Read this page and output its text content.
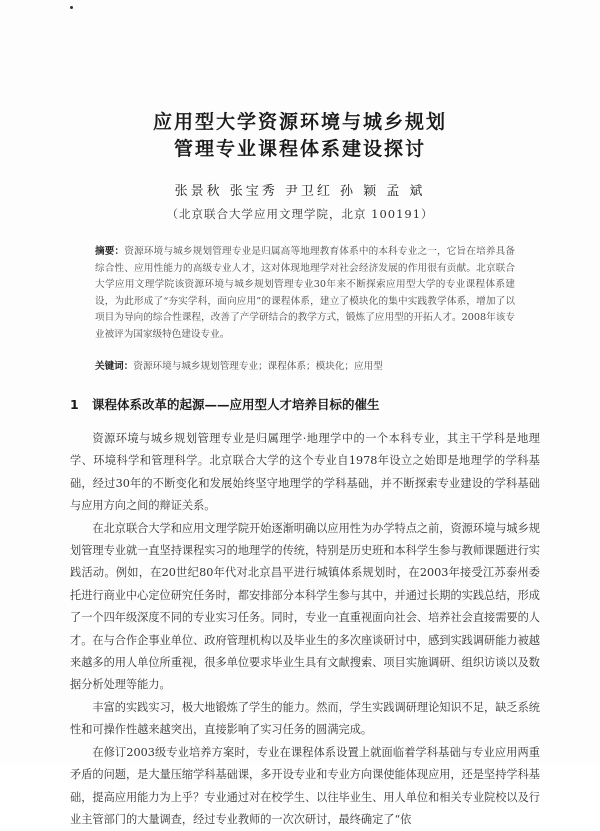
应用型大学资源环境与城乡规划
管理专业课程体系建设探讨
张景秋 张宝秀 尹卫红 孙 颖 孟 斌
（北京联合大学应用文理学院，北京 100191）
摘要：资源环境与城乡规划管理专业是归属高等地理教育体系中的本科专业之一，它旨在培养具备综合性、应用性能力的高级专业人才，这对体现地理学对社会经济发展的作用很有贡献。北京联合大学应用文理学院该资源环境与城乡规划管理专业30年来不断探索应用型大学的专业课程体系建设，为此形成了“夯实学科，面向应用”的课程体系，建立了模块化的集中实践教学体系，增加了以项目为导向的综合性课程，改善了产学研结合的教学方式，锻炼了应用型的开拓人才。2008年该专业被评为国家级特色建设专业。
关键词：资源环境与城乡规划管理专业；课程体系；模块化；应用型
1 课程体系改革的起源——应用型人才培养目标的催生

资源环境与城乡规划管理专业是归属理学·地理学中的一个本科专业，其主干学科是地理学、环境科学和管理科学。北京联合大学的这个专业自1978年设立之始即是地理学的学科基础，经过30年的不断变化和发展始终坚守地理学的学科基础，并不断探索专业建设的学科基础与应用方向之间的辩证关系。

在北京联合大学和应用文理学院开始逐渐明确以应用性为办学特点之前，资源环境与城乡规划管理专业就一直坚持课程实习的地理学的传统，特别是历史班和本科学生参与教师课题进行实践活动。例如，在20世纪80年代对北京昌平进行城镇体系规划时，在2003年接受江苏泰州委托进行商业中心定位研究任务时，都安排部分本科学生参与其中，并通过长期的实践总结，形成了一个四年级深度不同的专业实习任务。同时，专业一直重视面向社会、培养社会直接需要的人才。在与合作企事业单位、政府管理机构以及毕业生的多次座谈研讨中，感到实践调研能力被越来越多的用人单位所重视，很多单位要求毕业生具有文献搜索、项目实施调研、组织访谈以及数据分析处理等能力。

丰富的实践实习，极大地锻炼了学生的能力。然而，学生实践调研理论知识不足，缺乏系统性和可操作性越来越突出，直接影响了实习任务的圆满完成。

在修订2003级专业培养方案时，专业在课程体系设置上就面临着学科基础与专业应用两重矛盾的问题，是大量压缩学科基础课，多开设专业和专业方向课使能体现应用，还是坚持学科基础，提高应用能力为上乎？专业通过对在校学生、以往毕业生、用人单位和相关专业院校以及行业主管部门的大量调查，经过专业教师的一次次研讨，最终确定了“依
